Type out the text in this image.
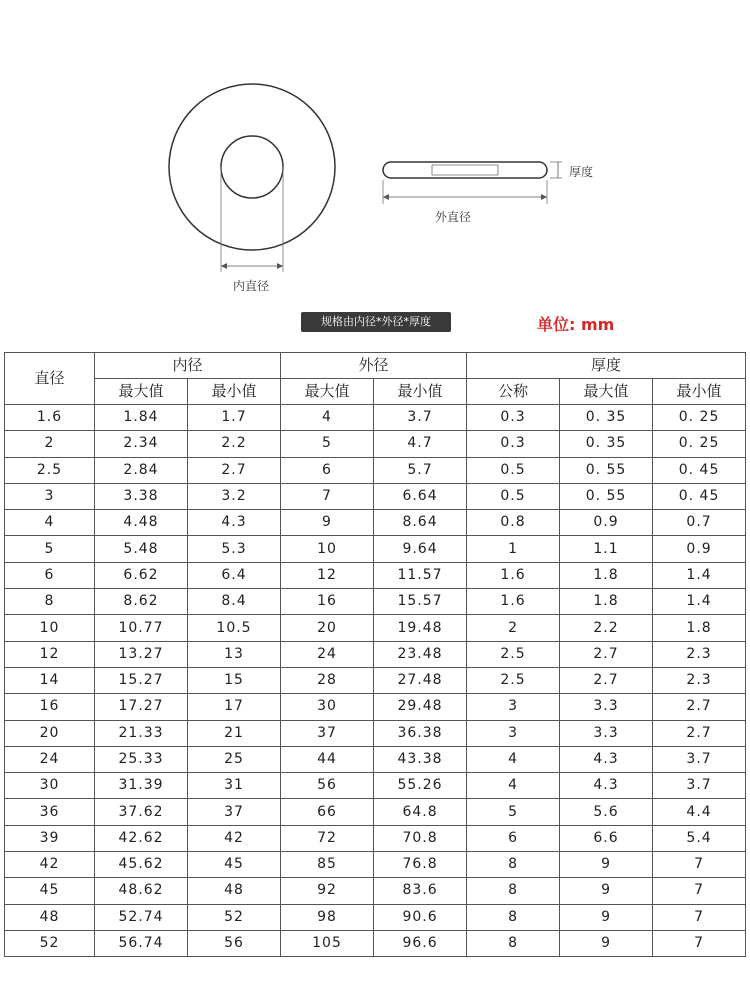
厚度
外直径
内直径
规格由内径*外径*厚度	单位: mm
直径	内径		外径		厚度		
	最大值	最小值	最大值	最小值	公称	最大值	最小值
1.6	1.84	1.7	4	3.7	0.3	0. 35	0. 25
2	2.34	2.2	5	4.7	0.3	0. 35	0. 25
2.5	2.84	2.7	6	5.7	0.5	0. 55	0. 45
3	3.38	3.2	7	6.64	0.5	0. 55	0. 45
4	4.48	4.3	9	8.64	0.8	0.9	0.7
5	5.48	5.3	10	9.64	1	1.1	0.9
6	6.62	6.4	12	11.57	1.6	1.8	1.4
8	8.62	8.4	16	15.57	1.6	1.8	1.4
10	10.77	10.5	20	19.48	2	2.2	1.8
12	13.27	13	24	23.48	2.5	2.7	2.3
14	15.27	15	28	27.48	2.5	2.7	2.3
16	17.27	17	30	29.48	3	3.3	2.7
20	21.33	21	37	36.38	3	3.3	2.7
24	25.33	25	44	43.38	4	4.3	3.7
30	31.39	31	56	55.26	4	4.3	3.7
36	37.62	37	66	64.8	5	5.6	4.4
39	42.62	42	72	70.8	6	6.6	5.4
42	45.62	45	85	76.8	8	9	7
45	48.62	48	92	83.6	8	9	7
48	52.74	52	98	90.6	8	9	7
52	56.74	56	105	96.6	8	9	7
